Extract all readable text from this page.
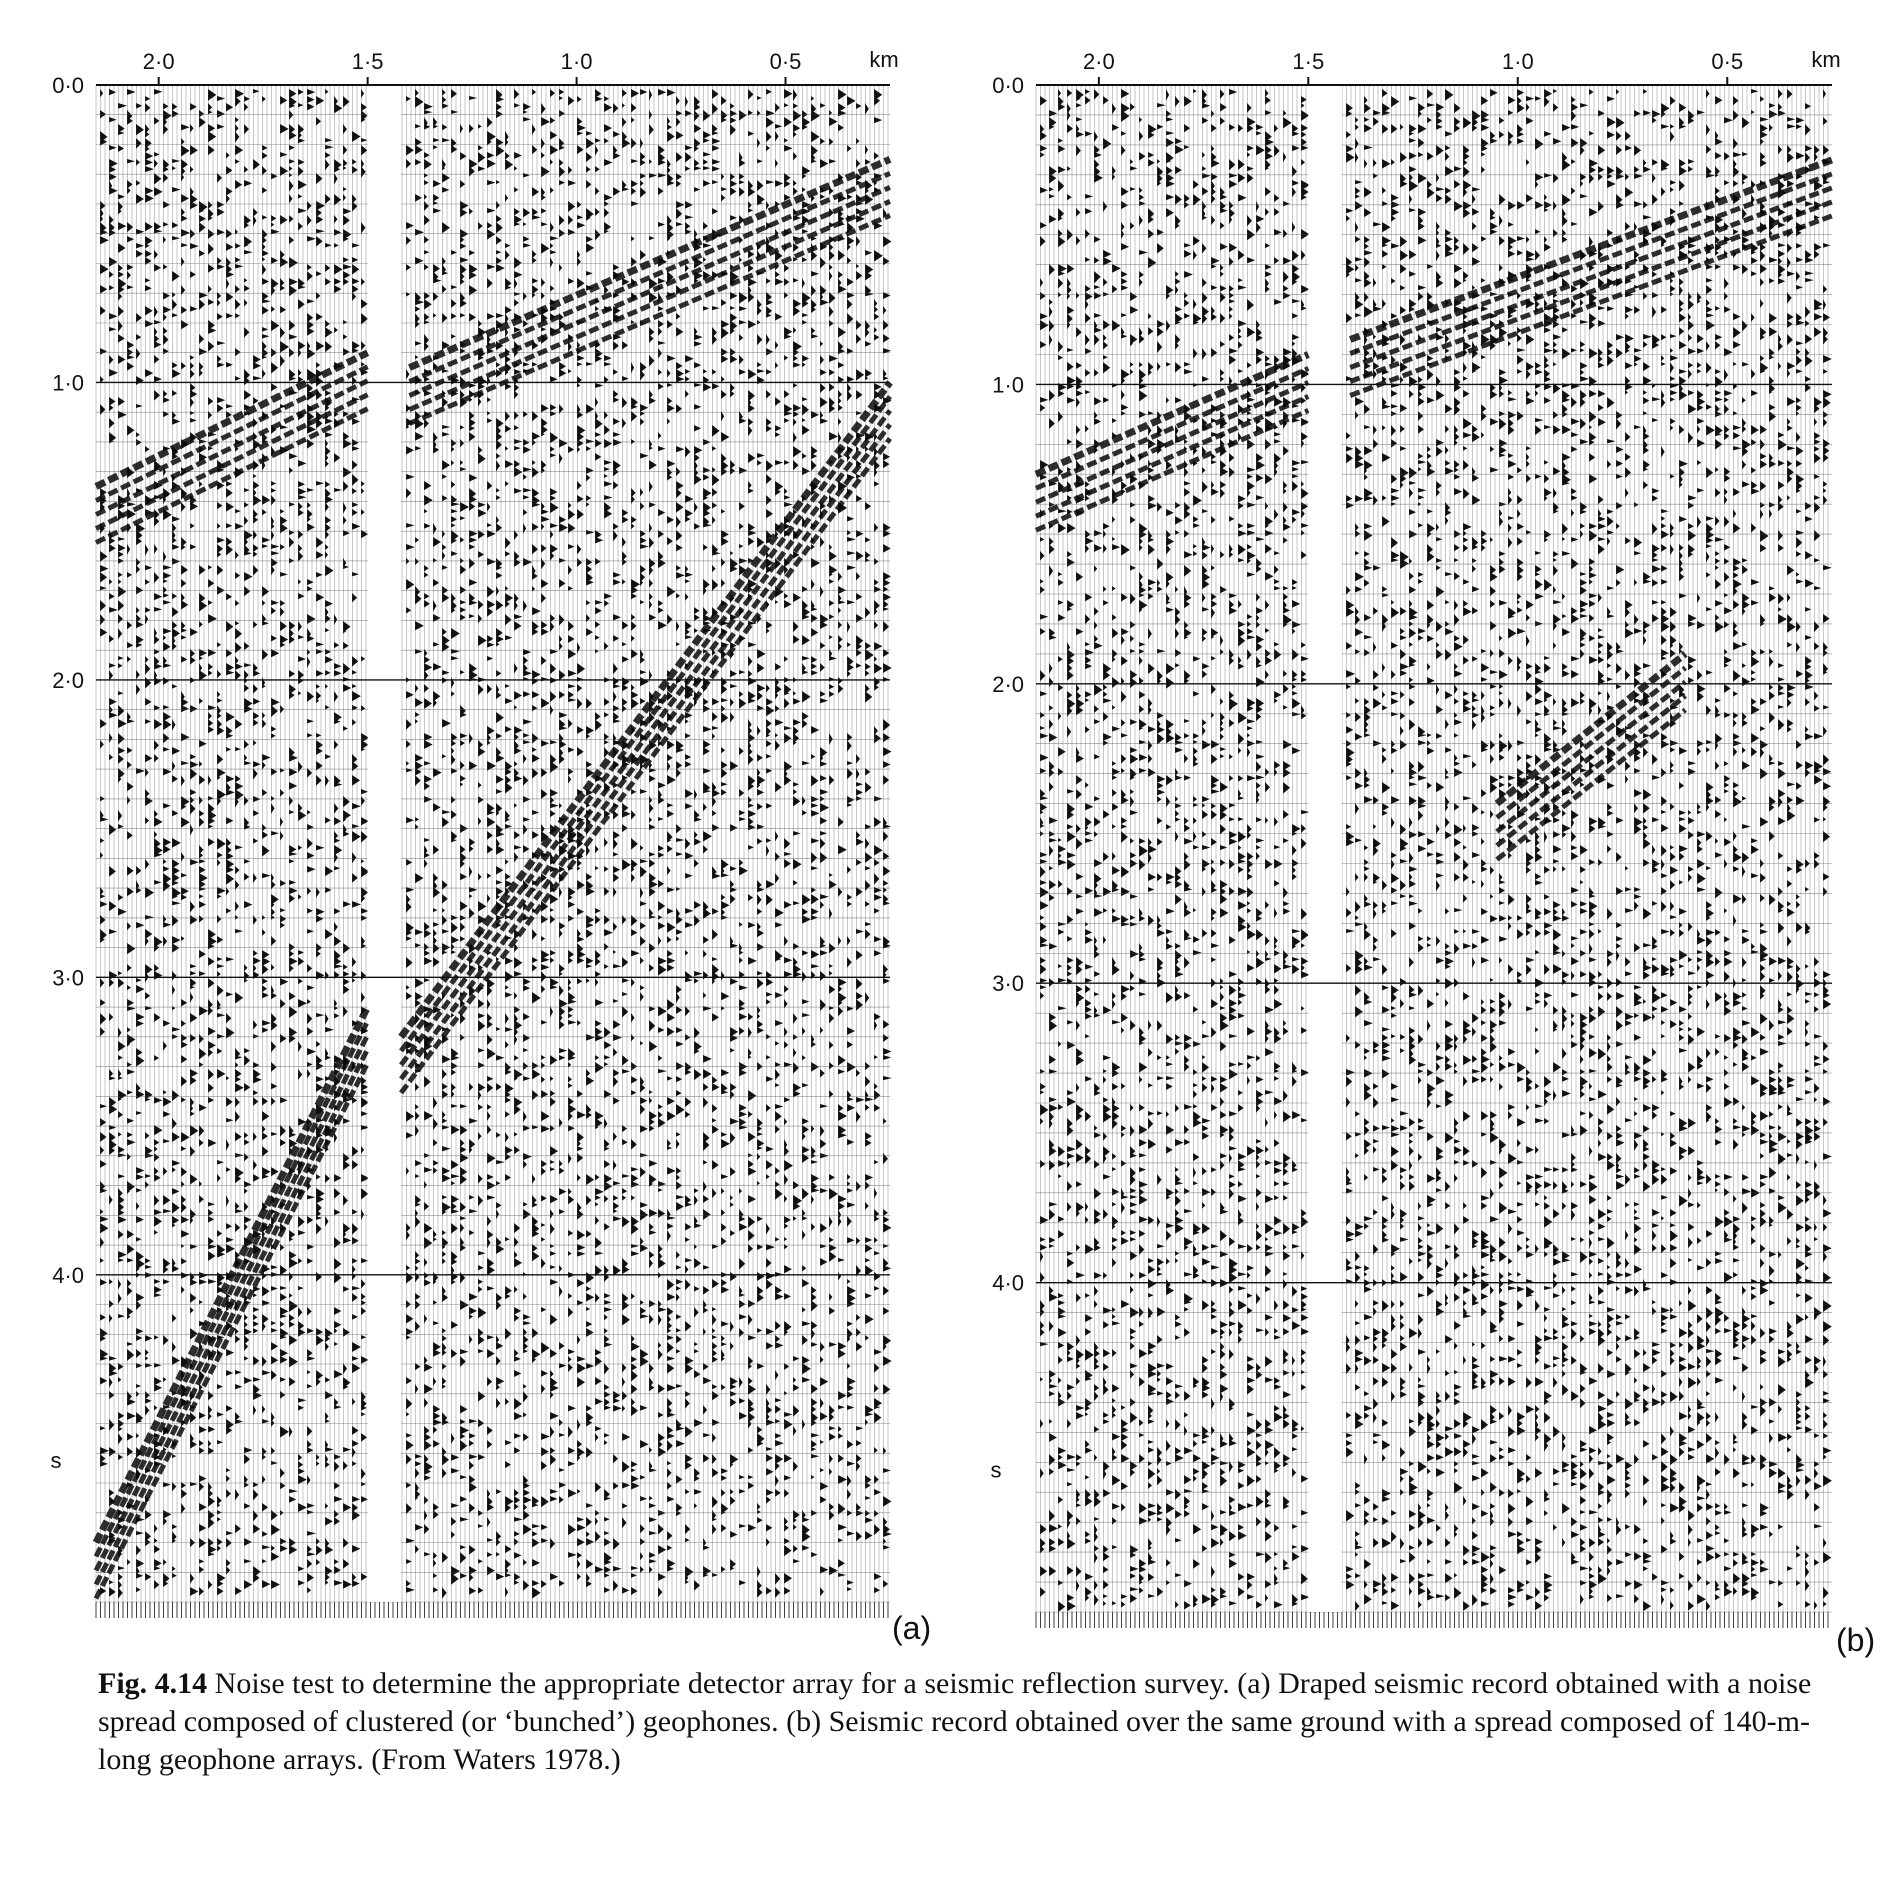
2·0	1·5	1·0	0·5	km
0·0
1·0
2·0
3·0
4·0
s
(a)
2·0	1·5	1·0	0·5	km
0·0
1·0
2·0
3·0
4·0
s
(b)
Fig. 4.14 Noise test to determine the appropriate detector array for a seismic reflection survey. (a) Draped seismic record obtained with a noise spread composed of clustered (or ‘bunched’) geophones. (b) Seismic record obtained over the same ground with a spread composed of 140-m-long geophone arrays. (From Waters 1978.)
